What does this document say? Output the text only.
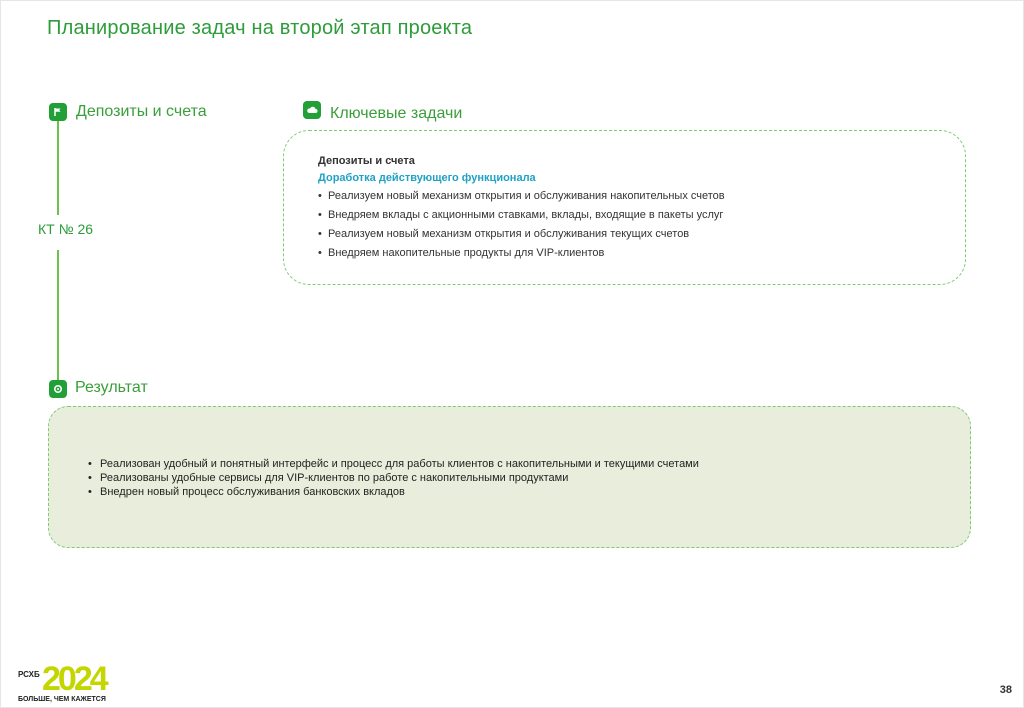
Планирование задач на второй этап проекта
Депозиты и счета
КТ № 26
Ключевые задачи
Депозиты и счета
Доработка действующего функционала
• Реализуем новый механизм открытия и обслуживания накопительных счетов
• Внедряем вклады с акционными ставками, вклады, входящие в пакеты услуг
• Реализуем новый механизм открытия и обслуживания текущих счетов
• Внедряем накопительные продукты для VIP-клиентов
Результат
• Реализован удобный и понятный интерфейс и процесс для работы клиентов с накопительными и текущими счетами
• Реализованы удобные сервисы для VIP-клиентов по работе с накопительными продуктами
• Внедрен новый процесс обслуживания банковских вкладов
РСХБ 2024
БОЛЬШЕ, ЧЕМ КАЖЕТСЯ
38
